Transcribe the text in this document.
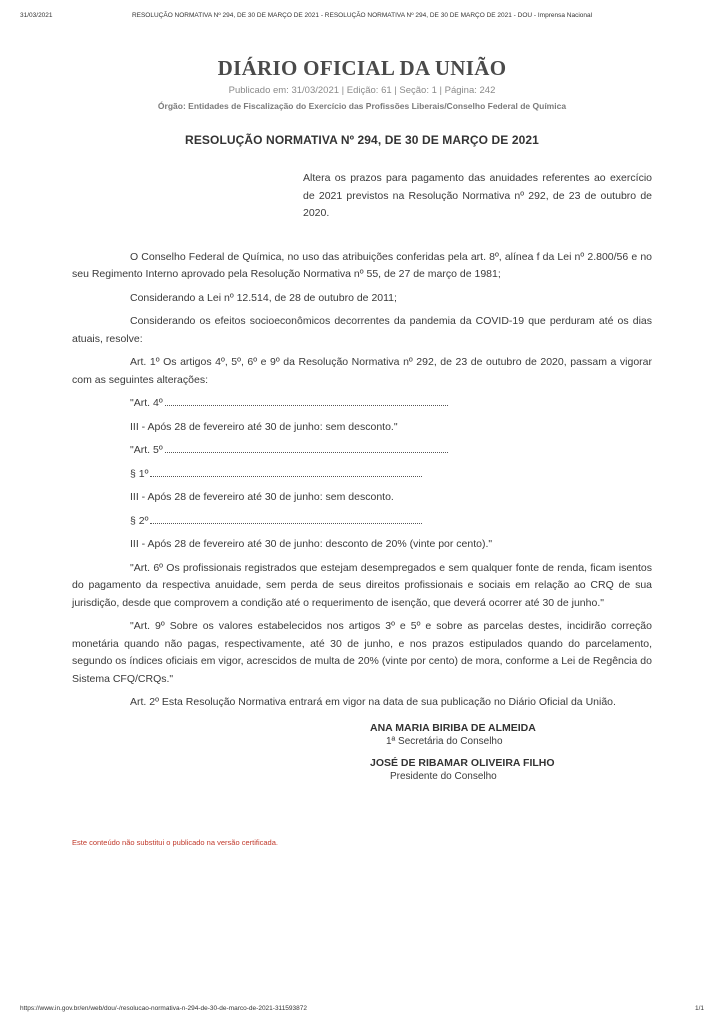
31/03/2021	RESOLUÇÃO NORMATIVA Nº 294, DE 30 DE MARÇO DE 2021 - RESOLUÇÃO NORMATIVA Nº 294, DE 30 DE MARÇO DE 2021 - DOU - Imprensa Nacional
DIÁRIO OFICIAL DA UNIÃO
Publicado em: 31/03/2021 | Edição: 61 | Seção: 1 | Página: 242
Órgão: Entidades de Fiscalização do Exercício das Profissões Liberais/Conselho Federal de Química
RESOLUÇÃO NORMATIVA Nº 294, DE 30 DE MARÇO DE 2021
Altera os prazos para pagamento das anuidades referentes ao exercício de 2021 previstos na Resolução Normativa nº 292, de 23 de outubro de 2020.

O Conselho Federal de Química, no uso das atribuições conferidas pela art. 8º, alínea f da Lei nº 2.800/56 e no seu Regimento Interno aprovado pela Resolução Normativa nº 55, de 27 de março de 1981;

Considerando a Lei nº 12.514, de 28 de outubro de 2011;

Considerando os efeitos socioeconômicos decorrentes da pandemia da COVID-19 que perduram até os dias atuais, resolve:

Art. 1º Os artigos 4º, 5º, 6º e 9º da Resolução Normativa nº 292, de 23 de outubro de 2020, passam a vigorar com as seguintes alterações:

"Art. 4º

III - Após 28 de fevereiro até 30 de junho: sem desconto."

"Art. 5º

§ 1º

III - Após 28 de fevereiro até 30 de junho: sem desconto.

§ 2º

III - Após 28 de fevereiro até 30 de junho: desconto de 20% (vinte por cento)."

"Art. 6º Os profissionais registrados que estejam desempregados e sem qualquer fonte de renda, ficam isentos do pagamento da respectiva anuidade, sem perda de seus direitos profissionais e sociais em relação ao CRQ de sua jurisdição, desde que comprovem a condição até o requerimento de isenção, que deverá ocorrer até 30 de junho."

"Art. 9º Sobre os valores estabelecidos nos artigos 3º e 5º e sobre as parcelas destes, incidirão correção monetária quando não pagas, respectivamente, até 30 de junho, e nos prazos estipulados quando do parcelamento, segundo os índices oficiais em vigor, acrescidos de multa de 20% (vinte por cento) de mora, conforme a Lei de Regência do Sistema CFQ/CRQs."

Art. 2º Esta Resolução Normativa entrará em vigor na data de sua publicação no Diário Oficial da União.

ANA MARIA BIRIBA DE ALMEIDA
1ª Secretária do Conselho
JOSÉ DE RIBAMAR OLIVEIRA FILHO
Presidente do Conselho
Este conteúdo não substitui o publicado na versão certificada.
https://www.in.gov.br/en/web/dou/-/resolucao-normativa-n-294-de-30-de-marco-de-2021-311593872	1/1
